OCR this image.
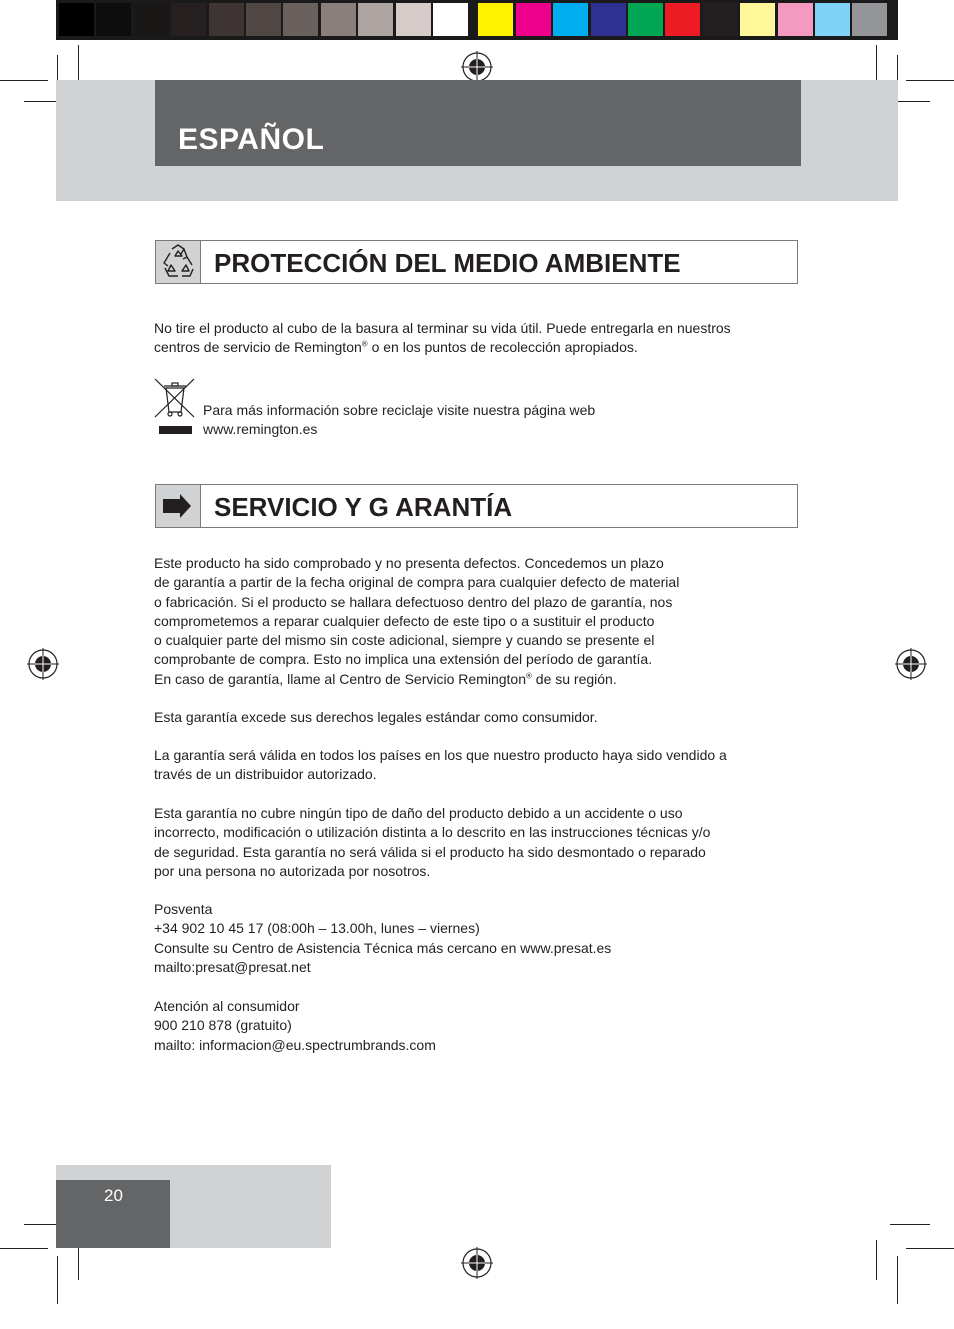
ESPAÑOL
PROTECCIÓN DEL MEDIO AMBIENTE
No tire el producto al cubo de la basura al terminar su vida útil. Puede entregarla en nuestros
centros de servicio de Remington® o en los puntos de recolección apropiados.
Para más información sobre reciclaje visite nuestra página web
www.remington.es
SERVICIO Y G ARANTÍA
Este producto ha sido comprobado y no presenta defectos. Concedemos un plazo
de garantía a partir de la fecha original de compra para cualquier defecto de material
o fabricación. Si el producto se hallara defectuoso dentro del plazo de garantía, nos
comprometemos a reparar cualquier defecto de este tipo o a sustituir el producto
o cualquier parte del mismo sin coste adicional, siempre y cuando se presente el
comprobante de compra. Esto no implica una extensión del período de garantía.
En caso de garantía, llame al Centro de Servicio Remington® de su región.
Esta garantía excede sus derechos legales estándar como consumidor.
La garantía será válida en todos los países en los que nuestro producto haya sido vendido a
través de un distribuidor autorizado.
Esta garantía no cubre ningún tipo de daño del producto debido a un accidente o uso
incorrecto, modificación o utilización distinta a lo descrito en las instrucciones técnicas y/o
de seguridad. Esta garantía no será válida si el producto ha sido desmontado o reparado
por una persona no autorizada por nosotros.
Posventa
+34 902 10 45 17 (08:00h – 13.00h, lunes – viernes)
Consulte su Centro de Asistencia Técnica más cercano en www.presat.es
mailto:presat@presat.net
Atención al consumidor
900 210 878 (gratuito)
mailto: informacion@eu.spectrumbrands.com
20
